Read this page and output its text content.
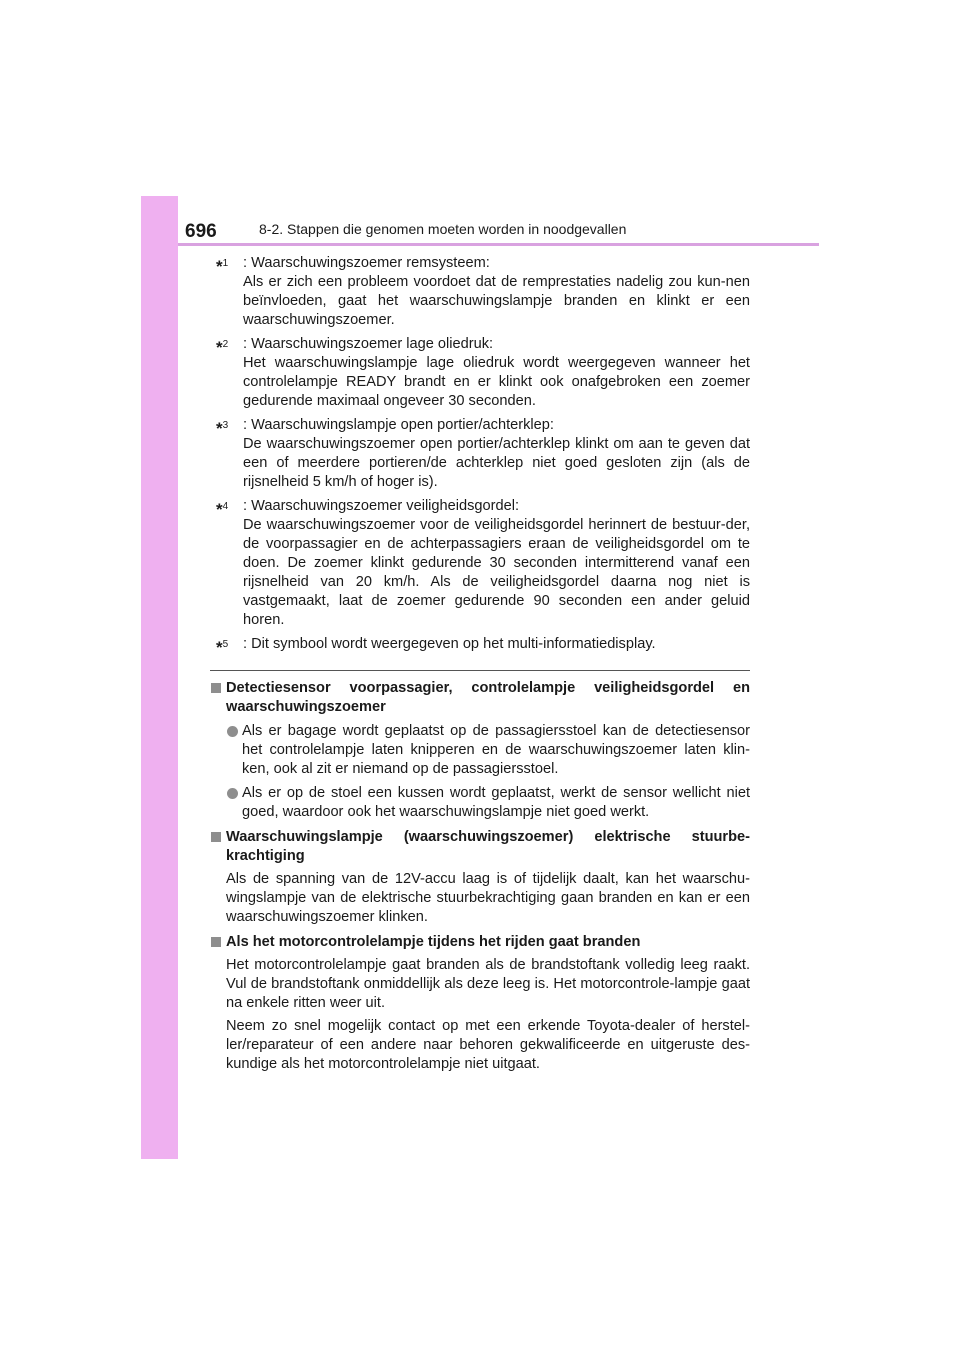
696	8-2. Stappen die genomen moeten worden in noodgevallen
*$^1$ : Waarschuwingszoemer remsysteem:
Als er zich een probleem voordoet dat de remprestaties nadelig zou kun-nen beïnvloeden, gaat het waarschuwingslampje branden en klinkt er een waarschuwingszoemer.
*$^2$ : Waarschuwingszoemer lage oliedruk:
Het waarschuwingslampje lage oliedruk wordt weergegeven wanneer het controlelampje READY brandt en er klinkt ook onafgebroken een zoemer gedurende maximaal ongeveer 30 seconden.
*$^3$ : Waarschuwingslampje open portier/achterklep:
De waarschuwingszoemer open portier/achterklep klinkt om aan te geven dat een of meerdere portieren/de achterklep niet goed gesloten zijn (als de rijsnelheid 5 km/h of hoger is).
*$^4$ : Waarschuwingszoemer veiligheidsgordel:
De waarschuwingszoemer voor de veiligheidsgordel herinnert de bestuur-der, de voorpassagier en de achterpassagiers eraan de veiligheidsgordel om te doen. De zoemer klinkt gedurende 30 seconden intermitterend vanaf een rijsnelheid van 20 km/h. Als de veiligheidsgordel daarna nog niet is vastgemaakt, laat de zoemer gedurende 90 seconden een ander geluid horen.
*$^5$ : Dit symbool wordt weergegeven op het multi-informatiedisplay.
Detectiesensor voorpassagier, controlelampje veiligheidsgordel en waarschuwingszoemer
Als er bagage wordt geplaatst op de passagiersstoel kan de detectiesensor het controlelampje laten knipperen en de waarschuwingszoemer laten klin-ken, ook al zit er niemand op de passagiersstoel.
Als er op de stoel een kussen wordt geplaatst, werkt de sensor wellicht niet goed, waardoor ook het waarschuwingslampje niet goed werkt.
Waarschuwingslampje (waarschuwingszoemer) elektrische stuurbe-krachtiging
Als de spanning van de 12V-accu laag is of tijdelijk daalt, kan het waarschu-wingslampje van de elektrische stuurbekrachtiging gaan branden en kan er een waarschuwingszoemer klinken.
Als het motorcontrolelampje tijdens het rijden gaat branden
Het motorcontrolelampje gaat branden als de brandstoftank volledig leeg raakt. Vul de brandstoftank onmiddellijk als deze leeg is. Het motorcontrole-lampje gaat na enkele ritten weer uit.
Neem zo snel mogelijk contact op met een erkende Toyota-dealer of herstel-ler/reparateur of een andere naar behoren gekwalificeerde en uitgeruste des-kundige als het motorcontrolelampje niet uitgaat.
